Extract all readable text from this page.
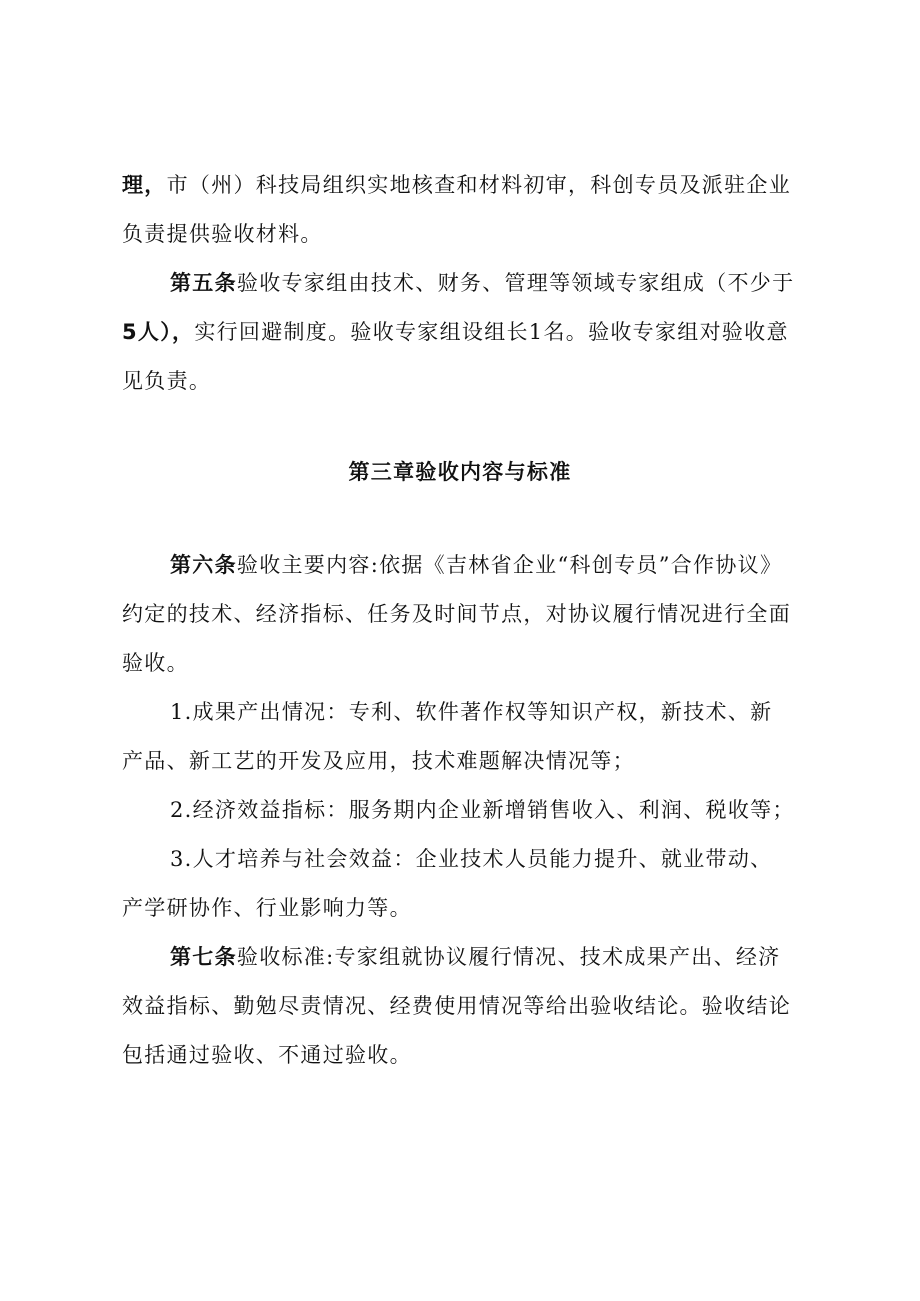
理，市（州）科技局组织实地核查和材料初审，科创专员及派驻企业
负责提供验收材料。
第五条验收专家组由技术、财务、管理等领域专家组成（不少于
5人），实行回避制度。验收专家组设组长1名。验收专家组对验收意
见负责。
第三章验收内容与标准
第六条验收主要内容:依据《吉林省企业“科创专员”合作协议》
约定的技术、经济指标、任务及时间节点，对协议履行情况进行全面
验收。
1.成果产出情况：专利、软件著作权等知识产权，新技术、新
产品、新工艺的开发及应用，技术难题解决情况等；
2.经济效益指标：服务期内企业新增销售收入、利润、税收等；
3.人才培养与社会效益：企业技术人员能力提升、就业带动、
产学研协作、行业影响力等。
第七条验收标准:专家组就协议履行情况、技术成果产出、经济
效益指标、勤勉尽责情况、经费使用情况等给出验收结论。验收结论
包括通过验收、不通过验收。
